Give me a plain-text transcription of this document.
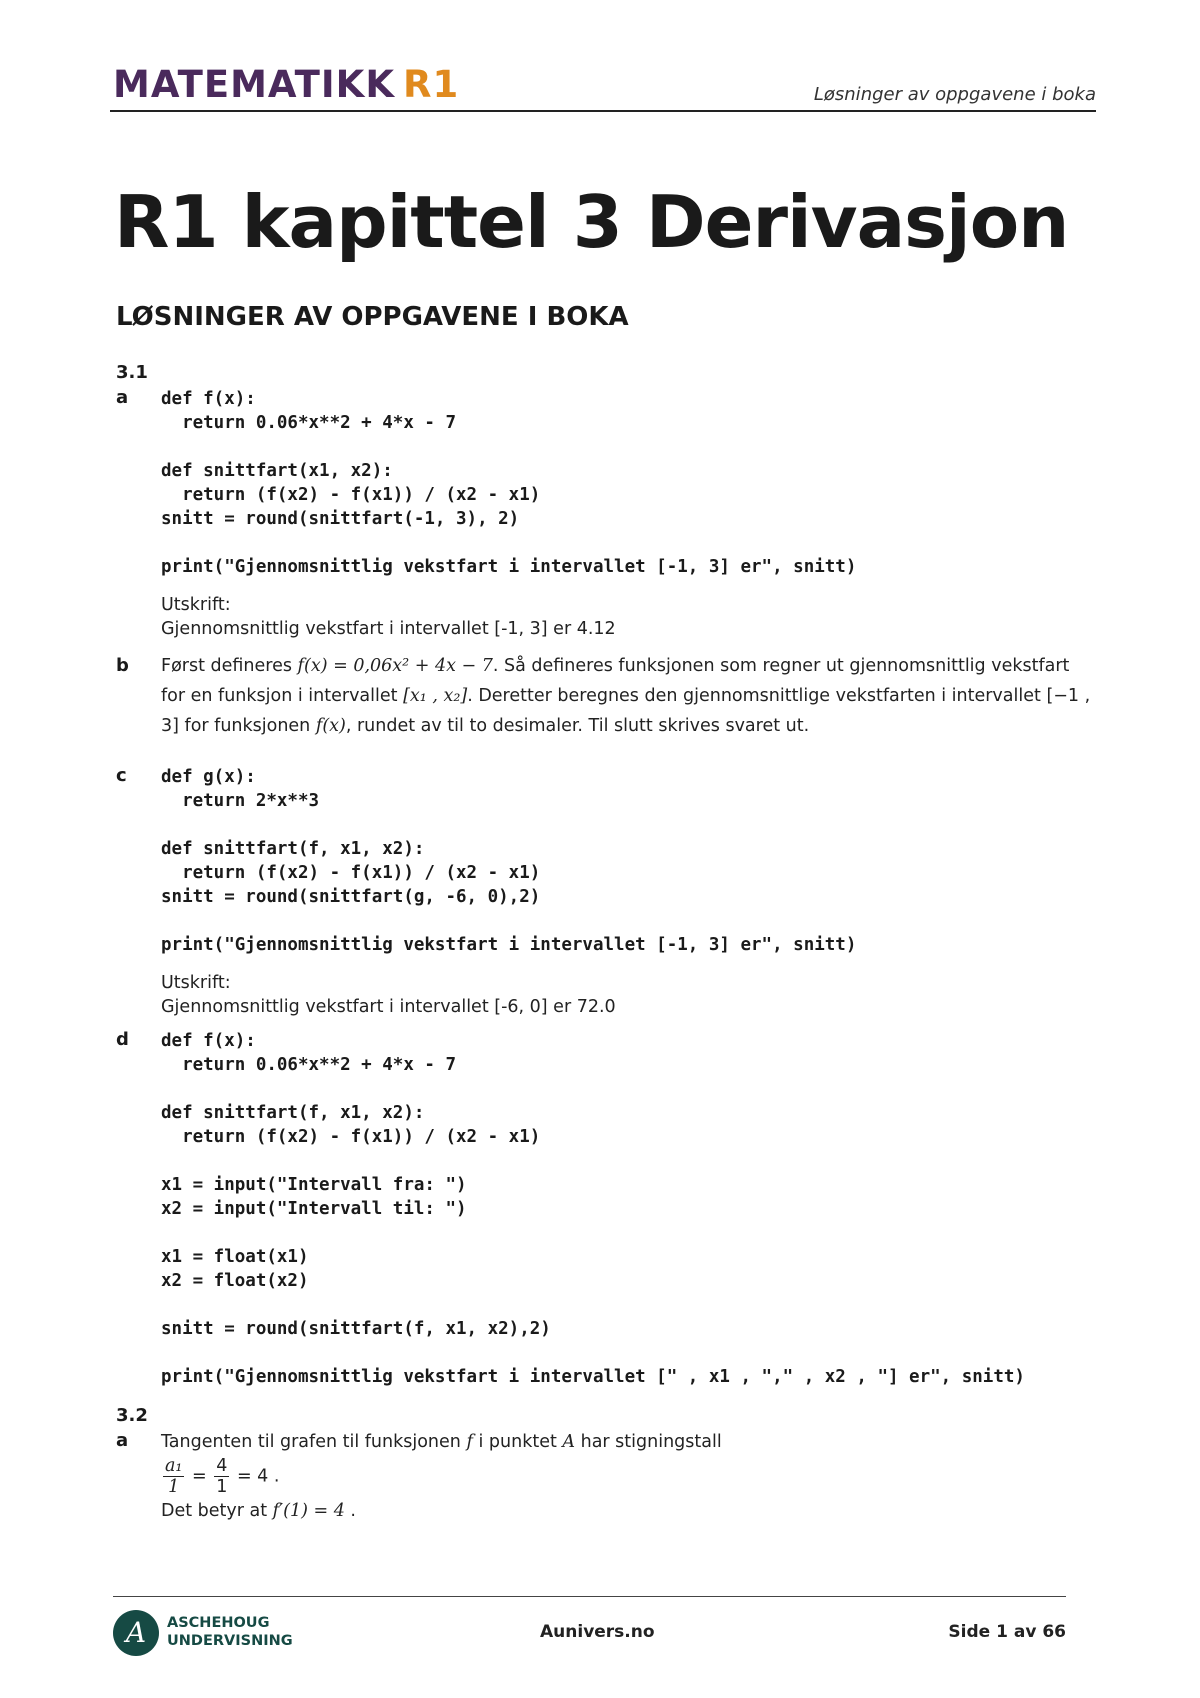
MATEMATIKK R1	Løsninger av oppgavene i boka
R1 kapittel 3 Derivasjon
LØSNINGER AV OPPGAVENE I BOKA
3.1
a def f(x):
return 0.06*x**2 + 4*x - 7

def snittfart(x1, x2):
return (f(x2) - f(x1)) / (x2 - x1)
snitt = round(snittfart(-1, 3), 2)

print("Gjennomsnittlig vekstfart i intervallet [-1, 3] er", snitt)
Utskrift:
Gjennomsnittlig vekstfart i intervallet [-1, 3] er 4.12
b Først defineres f(x) = 0,06x² + 4x − 7. Så defineres funksjonen som regner ut gjennomsnittlig vekstfart for en funksjon i intervallet [x₁ , x₂]. Deretter beregnes den gjennomsnittlige vekstfarten i intervallet [−1 , 3] for funksjonen f(x), rundet av til to desimaler. Til slutt skrives svaret ut.
c def g(x):
return 2*x**3

def snittfart(f, x1, x2):
return (f(x2) - f(x1)) / (x2 - x1)
snitt = round(snittfart(g, -6, 0),2)

print("Gjennomsnittlig vekstfart i intervallet [-1, 3] er", snitt)
Utskrift:
Gjennomsnittlig vekstfart i intervallet [-6, 0] er 72.0
d def f(x):
return 0.06*x**2 + 4*x - 7

def snittfart(f, x1, x2):
return (f(x2) - f(x1)) / (x2 - x1)

x1 = input("Intervall fra: ")
x2 = input("Intervall til: ")

x1 = float(x1)
x2 = float(x2)

snitt = round(snittfart(f, x1, x2),2)

print("Gjennomsnittlig vekstfart i intervallet [" , x1 , "," , x2 , "] er", snitt)
3.2
a Tangenten til grafen til funksjonen f i punktet A har stigningstall
$\frac{\text{a₁}}{1} = \frac{4}{1} = 4$ .
Det betyr at f′(1) = 4 .
A	ASCHEHOUG
UNDERVISNING	Aunivers.no	Side 1 av 66
